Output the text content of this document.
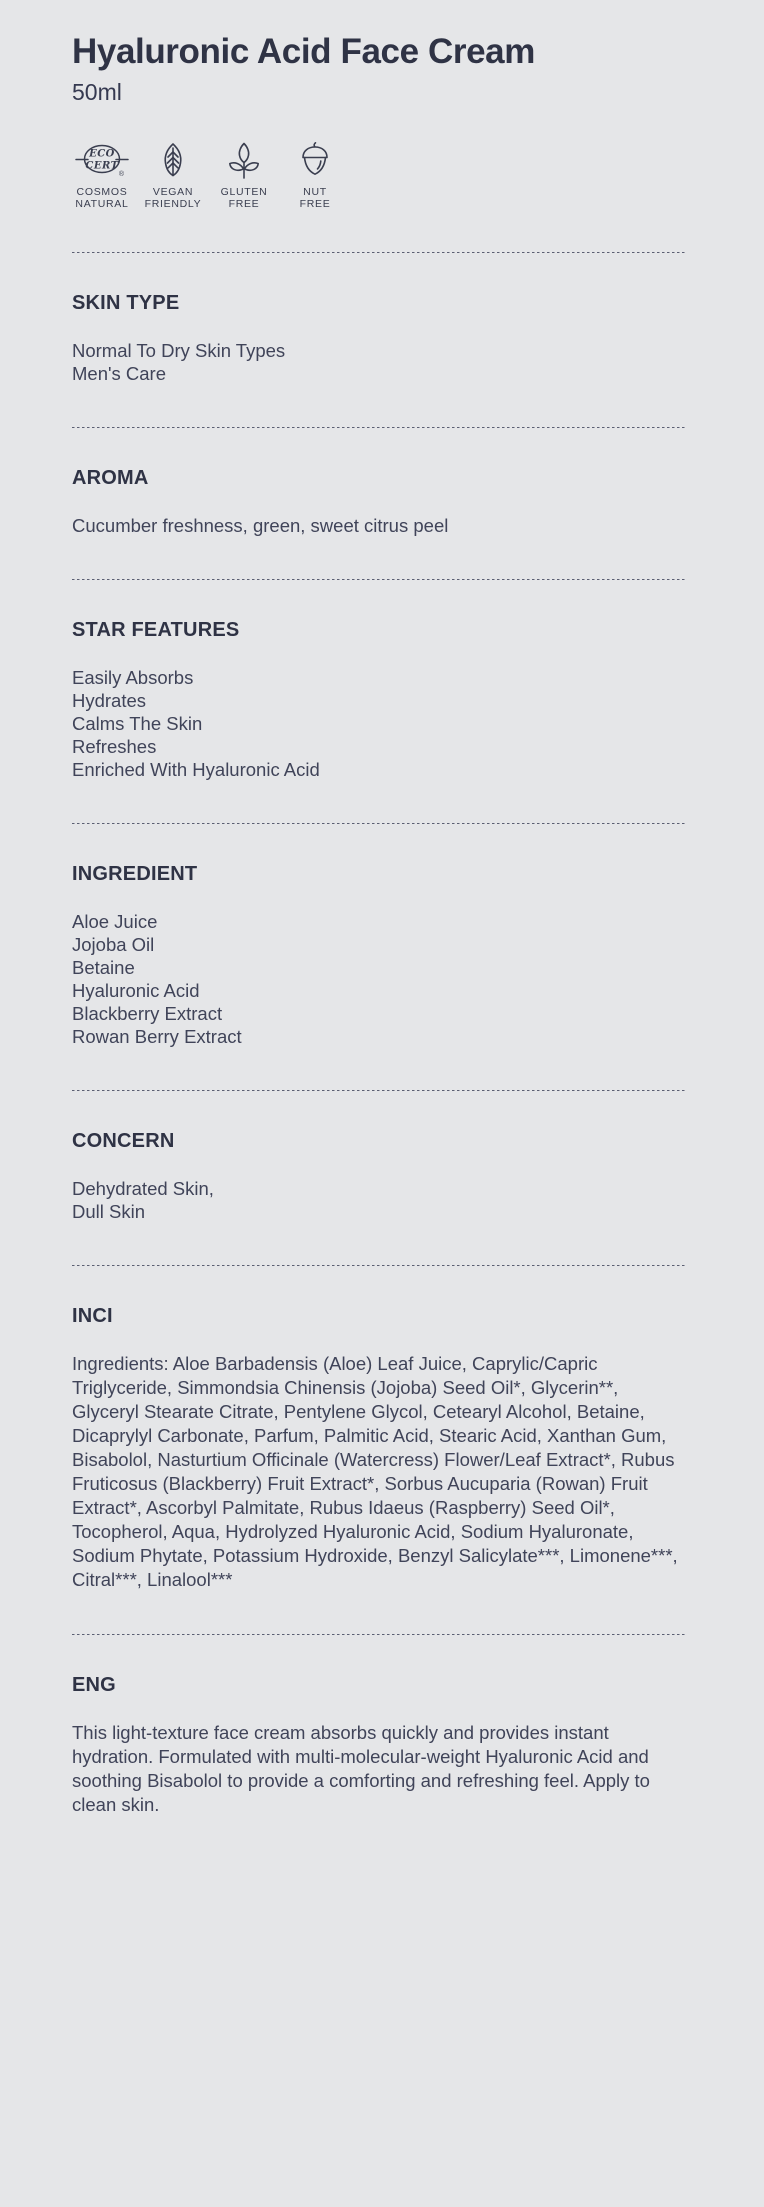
Hyaluronic Acid Face Cream
50ml
ECO
CERT
®
COSMOS
NATURAL
VEGAN
FRIENDLY
GLUTEN
FREE
NUT
FREE
SKIN TYPE
Normal To Dry Skin Types
Men's Care
AROMA
Cucumber freshness, green, sweet citrus peel
STAR FEATURES
Easily Absorbs
Hydrates
Calms The Skin
Refreshes
Enriched With Hyaluronic Acid
INGREDIENT
Aloe Juice
Jojoba Oil
Betaine
Hyaluronic Acid
Blackberry Extract
Rowan Berry Extract
CONCERN
Dehydrated Skin,
Dull Skin
INCI
Ingredients: Aloe Barbadensis (Aloe) Leaf Juice, Caprylic/Capric Triglyceride, Simmondsia Chinensis (Jojoba) Seed Oil*, Glycerin**, Glyceryl Stearate Citrate, Pentylene Glycol, Cetearyl Alcohol, Betaine, Dicaprylyl Carbonate, Parfum, Palmitic Acid, Stearic Acid, Xanthan Gum, Bisabolol, Nasturtium Officinale (Watercress) Flower/Leaf Extract*, Rubus Fruticosus (Blackberry) Fruit Extract*, Sorbus Aucuparia (Rowan) Fruit Extract*, Ascorbyl Palmitate, Rubus Idaeus (Raspberry) Seed Oil*, Tocopherol, Aqua, Hydrolyzed Hyaluronic Acid, Sodium Hyaluronate, Sodium Phytate, Potassium Hydroxide, Benzyl Salicylate***, Limonene***, Citral***, Linalool***
ENG
This light-texture face cream absorbs quickly and provides instant hydration. Formulated with multi-molecular-weight Hyaluronic Acid and soothing Bisabolol to provide a comforting and refreshing feel. Apply to clean skin.
